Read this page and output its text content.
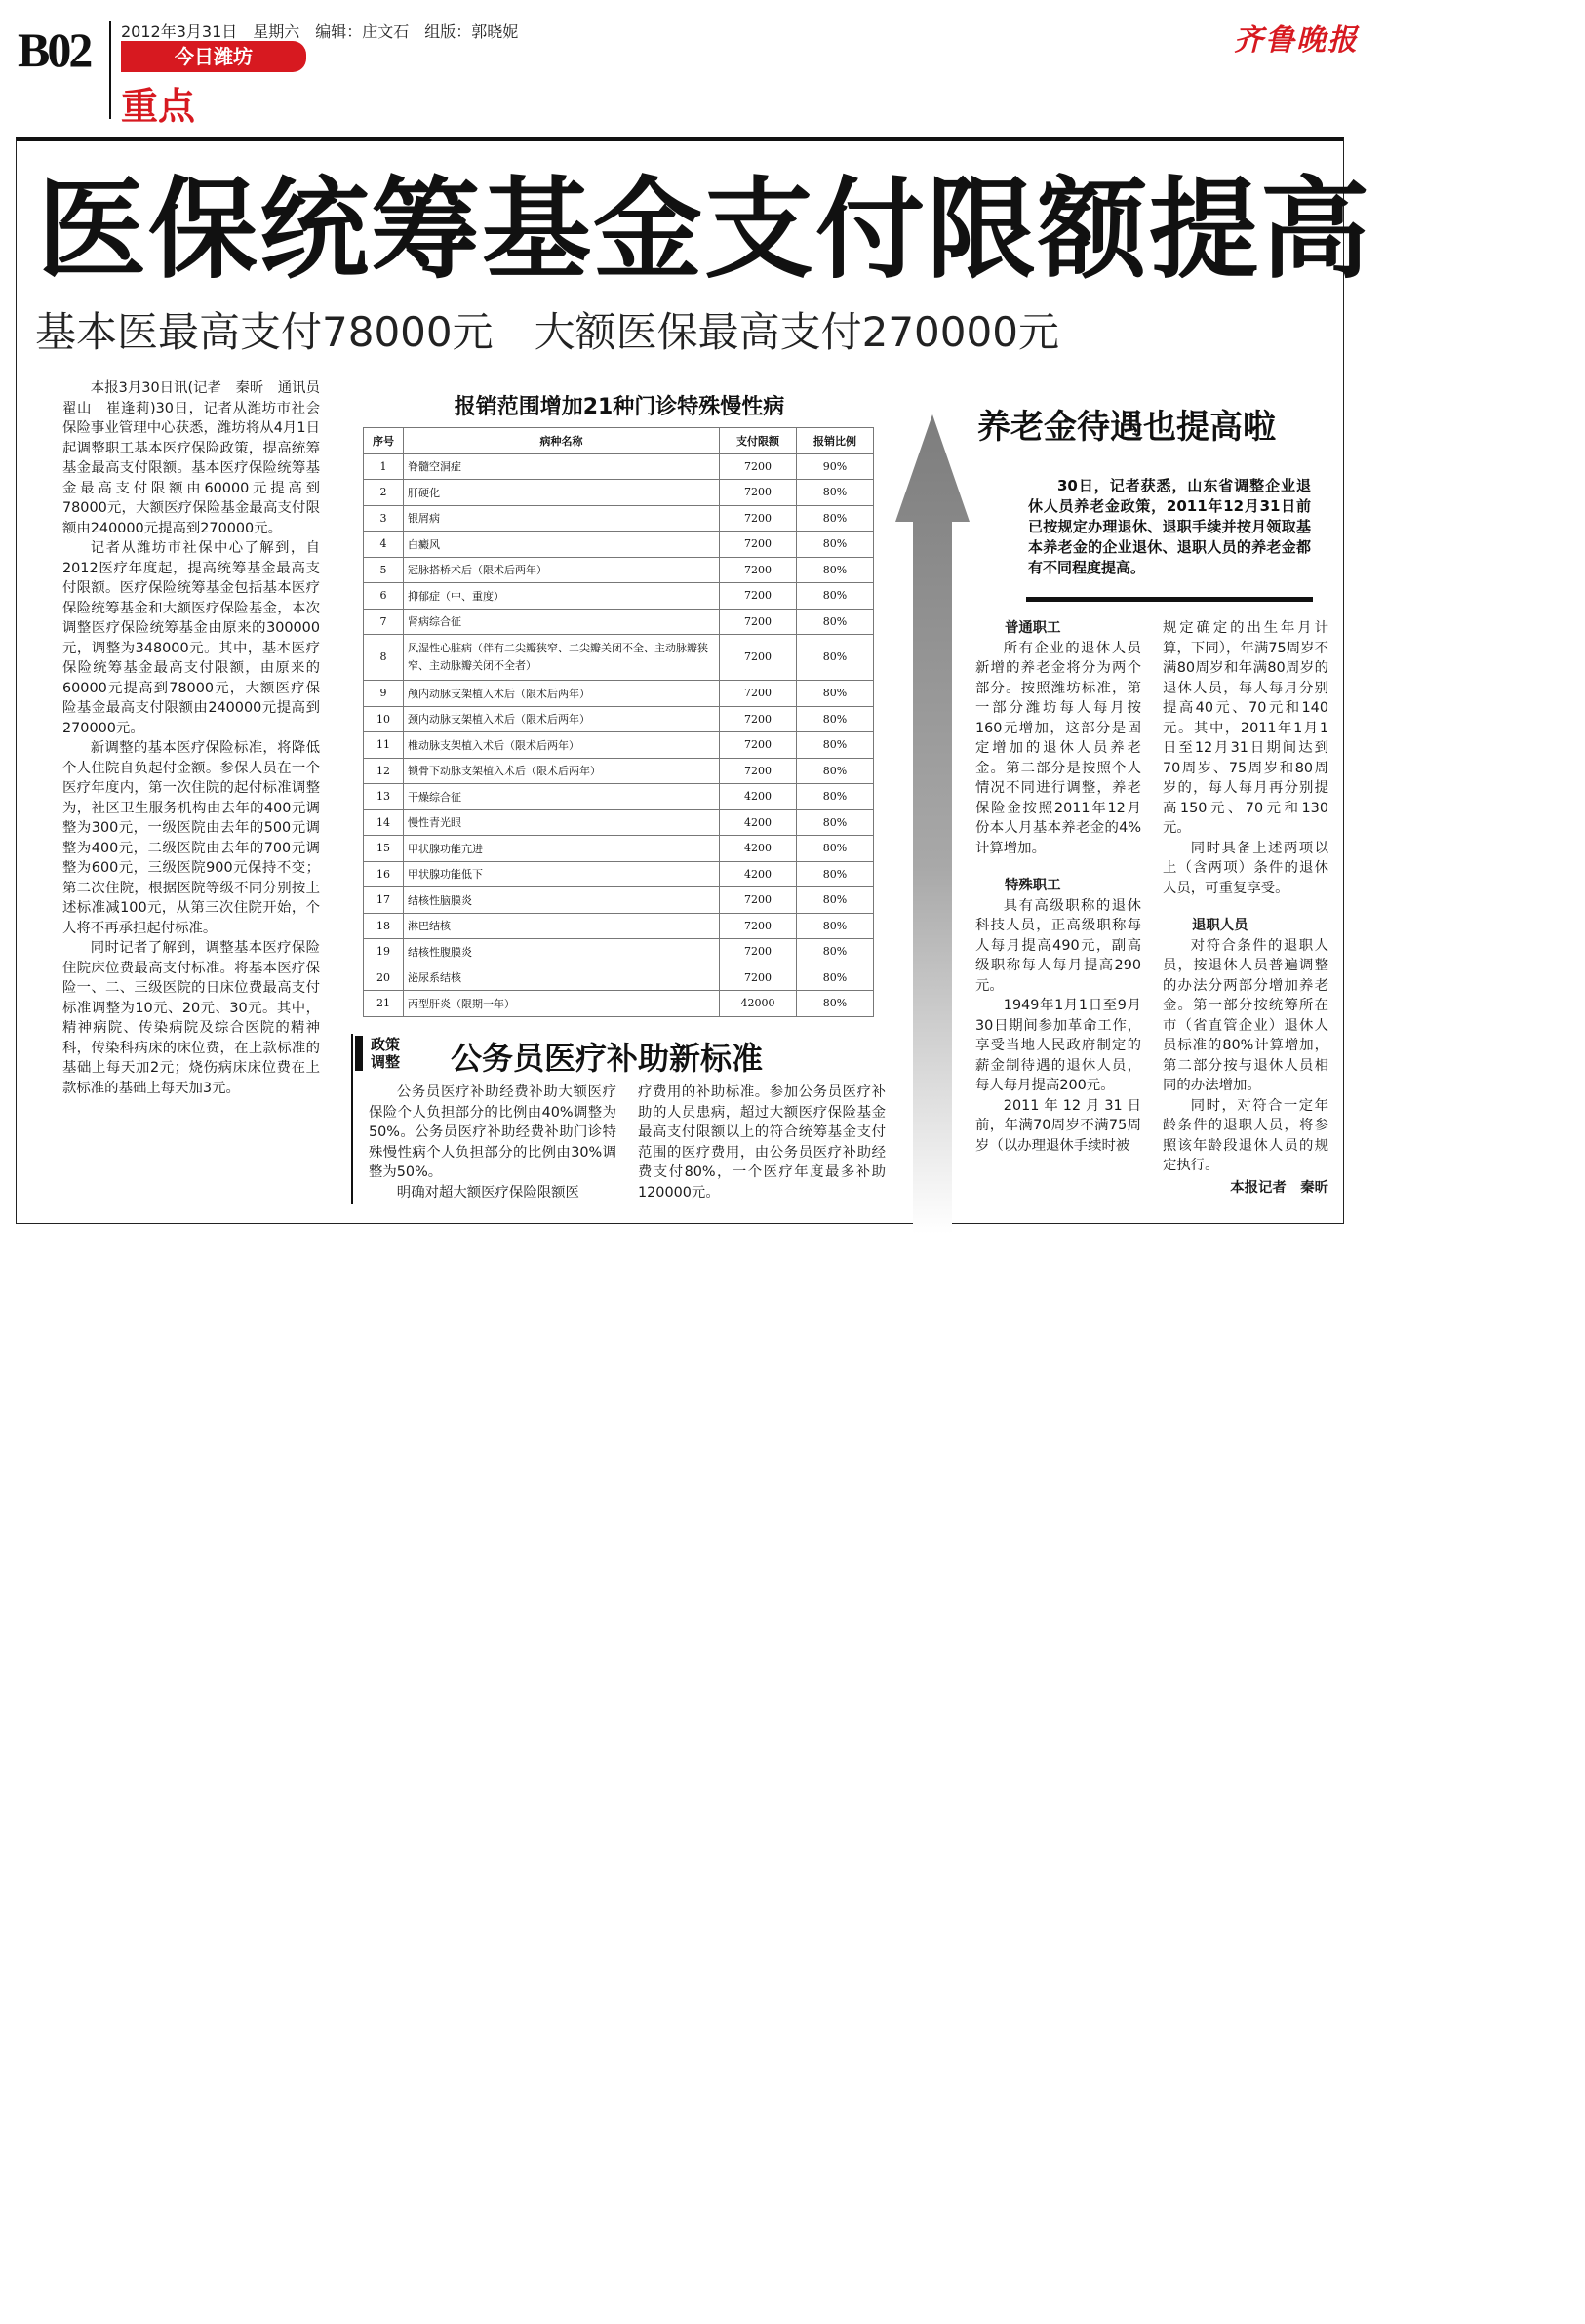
B02 2012年3月31日　星期六　编辑：庄文石　组版：郭晓妮
今日潍坊
重点
齐鲁晚报
医保统筹基金支付限额提高
基本医最高支付78000元　大额医保最高支付270000元

本报3月30日讯(记者　秦昕　通讯员　翟山　崔逢莉)30日，记者从潍坊市社会保险事业管理中心获悉，潍坊将从4月1日起调整职工基本医疗保险政策，提高统筹基金最高支付限额。基本医疗保险统筹基金最高支付限额由60000元提高到78000元，大额医疗保险基金最高支付限额由240000元提高到270000元。

记者从潍坊市社保中心了解到，自2012医疗年度起，提高统筹基金最高支付限额。医疗保险统筹基金包括基本医疗保险统筹基金和大额医疗保险基金，本次调整医疗保险统筹基金由原来的300000元，调整为348000元。其中，基本医疗保险统筹基金最高支付限额，由原来的60000元提高到78000元，大额医疗保险基金最高支付限额由240000元提高到270000元。

新调整的基本医疗保险标准，将降低个人住院自负起付金额。参保人员在一个医疗年度内，第一次住院的起付标准调整为，社区卫生服务机构由去年的400元调整为300元，一级医院由去年的500元调整为400元，二级医院由去年的700元调整为600元，三级医院900元保持不变；第二次住院，根据医院等级不同分别按上述标准减100元，从第三次住院开始，个人将不再承担起付标准。

同时记者了解到，调整基本医疗保险住院床位费最高支付标准。将基本医疗保险一、二、三级医院的日床位费最高支付标准调整为10元、20元、30元。其中，精神病院、传染病院及综合医院的精神科，传染科病床的床位费，在上款标准的基础上每天加2元；烧伤病床床位费在上款标准的基础上每天加3元。

报销范围增加21种门诊特殊慢性病
序号	病种名称	支付限额	报销比例
1	脊髓空洞症	7200	90%
2	肝硬化	7200	80%
3	银屑病	7200	80%
4	白癜风	7200	80%
5	冠脉搭桥术后（限术后两年）	7200	80%
6	抑郁症（中、重度）	7200	80%
7	肾病综合征	7200	80%
8	风湿性心脏病（伴有二尖瓣狭窄、二尖瓣关闭不全、主动脉瓣狭窄、主动脉瓣关闭不全者）	7200	80%
9	颅内动脉支架植入术后（限术后两年）	7200	80%
10	颈内动脉支架植入术后（限术后两年）	7200	80%
11	椎动脉支架植入术后（限术后两年）	7200	80%
12	锁骨下动脉支架植入术后（限术后两年）	7200	80%
13	干燥综合征	4200	80%
14	慢性青光眼	4200	80%
15	甲状腺功能亢进	4200	80%
16	甲状腺功能低下	4200	80%
17	结核性脑膜炎	7200	80%
18	淋巴结核	7200	80%
19	结核性腹膜炎	7200	80%
20	泌尿系结核	7200	80%
21	丙型肝炎（限期一年）	42000	80%
政策调整 公务员医疗补助新标准

公务员医疗补助经费补助大额医疗保险个人负担部分的比例由40%调整为50%。公务员医疗补助经费补助门诊特殊慢性病个人负担部分的比例由30%调整为50%。

明确对超大额医疗保险限额医

疗费用的补助标准。参加公务员医疗补助的人员患病，超过大额医疗保险基金最高支付限额以上的符合统筹基金支付范围的医疗费用，由公务员医疗补助经费支付80%，一个医疗年度最多补助120000元。

养老金待遇也提高啦

30日，记者获悉，山东省调整企业退休人员养老金政策，2011年12月31日前已按规定办理退休、退职手续并按月领取基本养老金的企业退休、退职人员的养老金都有不同程度提高。

普通职工

所有企业的退休人员新增的养老金将分为两个部分。按照潍坊标准，第一部分潍坊每人每月按160元增加，这部分是固定增加的退休人员养老金。第二部分是按照个人情况不同进行调整，养老保险金按照2011年12月份本人月基本养老金的4%计算增加。

特殊职工

具有高级职称的退休科技人员，正高级职称每人每月提高490元，副高级职称每人每月提高290元。

1949年1月1日至9月30日期间参加革命工作，享受当地人民政府制定的薪金制待遇的退休人员，每人每月提高200元。

2011年12月31日前，年满70周岁不满75周岁（以办理退休手续时被

规定确定的出生年月计算，下同），年满75周岁不满80周岁和年满80周岁的退休人员，每人每月分别提高40元、70元和140元。其中，2011年1月1日至12月31日期间达到70周岁、75周岁和80周岁的，每人每月再分别提高150元、70元和130元。

同时具备上述两项以上（含两项）条件的退休人员，可重复享受。

退职人员

对符合条件的退职人员，按退休人员普遍调整的办法分两部分增加养老金。第一部分按统筹所在市（省直管企业）退休人员标准的80%计算增加，第二部分按与退休人员相同的办法增加。

同时，对符合一定年龄条件的退职人员，将参照该年龄段退休人员的规定执行。

本报记者　秦昕
